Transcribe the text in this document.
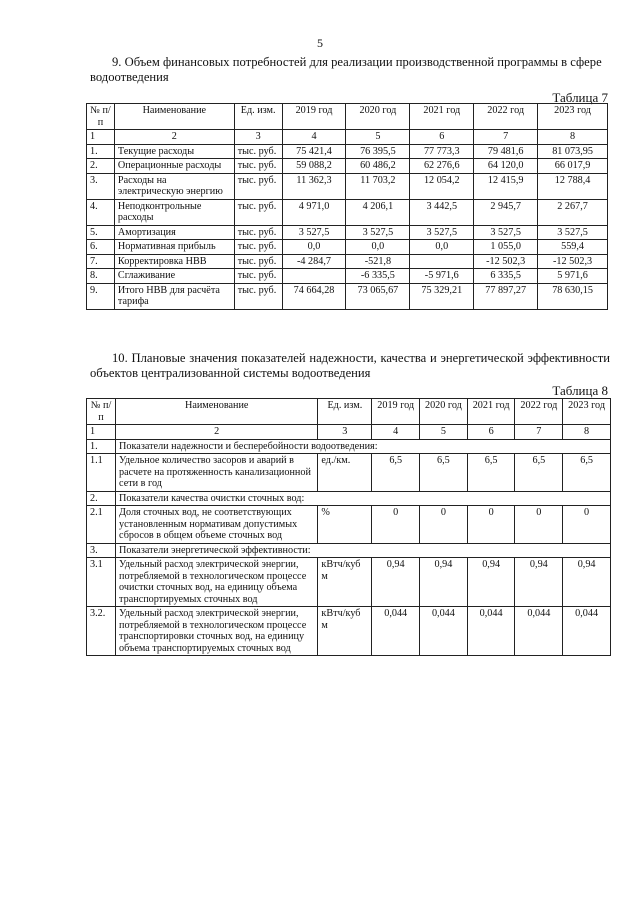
5
9. Объем финансовых потребностей для реализации производственной программы в сфере водоотведения
Таблица 7
№ п/п	Наименование	Ед. изм.	2019 год	2020 год	2021 год	2022 год	2023 год
1	2	3	4	5	6	7	8
1.	Текущие расходы	тыс. руб.	75 421,4	76 395,5	77 773,3	79 481,6	81 073,95
2.	Операционные расходы	тыс. руб.	59 088,2	60 486,2	62 276,6	64 120,0	66 017,9
3.	Расходы на электрическую энергию	тыс. руб.	11 362,3	11 703,2	12 054,2	12 415,9	12 788,4
4.	Неподконтрольные расходы	тыс. руб.	4 971,0	4 206,1	3 442,5	2 945,7	2 267,7
5.	Амортизация	тыс. руб.	3 527,5	3 527,5	3 527,5	3 527,5	3 527,5
6.	Нормативная прибыль	тыс. руб.	0,0	0,0	0,0	1 055,0	559,4
7.	Корректировка НВВ	тыс. руб.	-4 284,7	-521,8		-12 502,3	-12 502,3
8.	Сглаживание	тыс. руб.		-6 335,5	-5 971,6	6 335,5	5 971,6
9.	Итого НВВ для расчёта тарифа	тыс. руб.	74 664,28	73 065,67	75 329,21	77 897,27	78 630,15
10. Плановые значения показателей надежности, качества и энергетической эффективности объектов централизованной системы водоотведения
Таблица 8
№ п/п	Наименование	Ед. изм.	2019 год	2020 год	2021 год	2022 год	2023 год
1	2	3	4	5	6	7	8
1.	Показатели надежности и бесперебойности водоотведения:						
1.1	Удельное количество засоров и аварий в расчете на протяженность канализационной сети в год	ед./км.	6,5	6,5	6,5	6,5	6,5
2.	Показатели качества очистки сточных вод:						
2.1	Доля сточных вод, не соответствующих установленным нормативам допустимых сбросов в общем объеме сточных вод	%	0	0	0	0	0
3.	Показатели энергетической эффективности:						
3.1	Удельный расход электрической энергии, потребляемой в технологическом процессе очистки сточных вод, на единицу объема транспортируемых сточных вод	кВтч/куб м	0,94	0,94	0,94	0,94	0,94
3.2.	Удельный расход электрической энергии, потребляемой в технологическом процессе транспортировки сточных вод, на единицу объема транспортируемых сточных вод	кВтч/куб м	0,044	0,044	0,044	0,044	0,044
